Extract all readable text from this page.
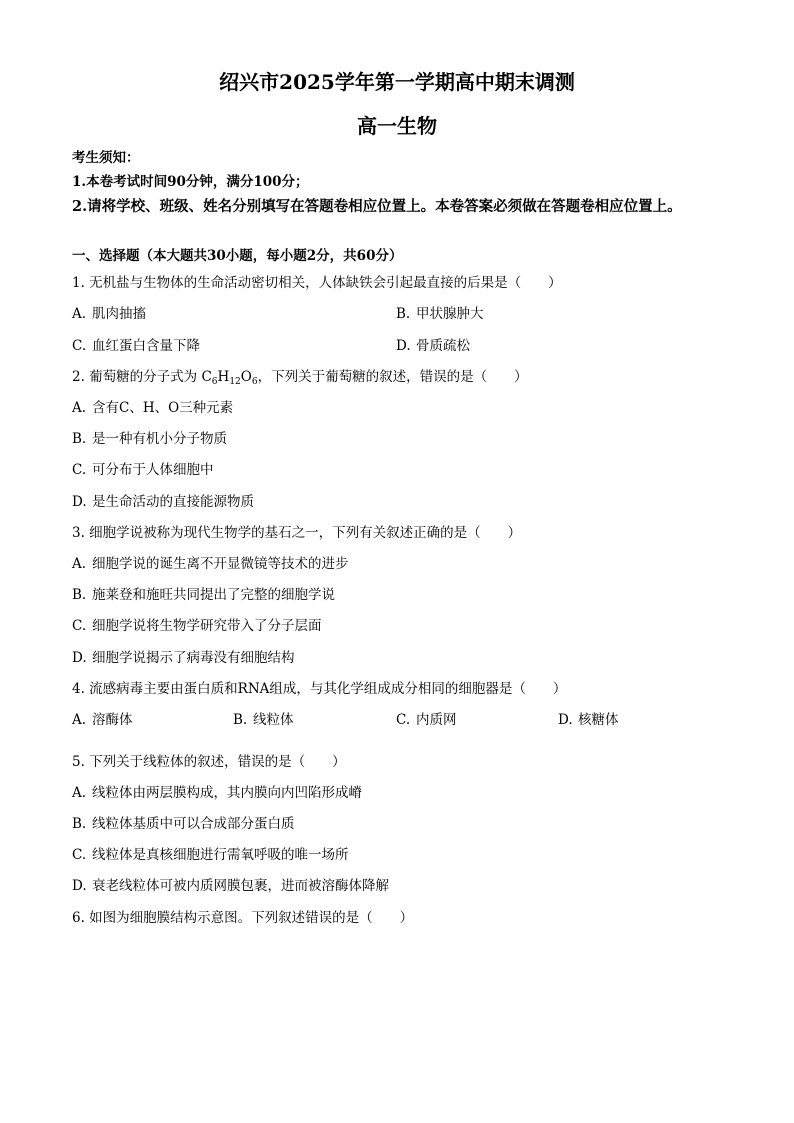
绍兴市2025学年第一学期高中期末调测
高一生物
考生须知：
1.本卷考试时间90分钟，满分100分；
2.请将学校、班级、姓名分别填写在答题卷相应位置上。本卷答案必须做在答题卷相应位置上。
一、选择题（本大题共30小题，每小题2分，共60分）
1. 无机盐与生物体的生命活动密切相关，人体缺铁会引起最直接的后果是（　　）
A. 肌肉抽搐	B. 甲状腺肿大
C. 血红蛋白含量下降	D. 骨质疏松
2. 葡萄糖的分子式为 $C_6H_{12}O_6$，下列关于葡萄糖的叙述，错误的是（　　）
A. 含有C、H、O三种元素
B. 是一种有机小分子物质
C. 可分布于人体细胞中
D. 是生命活动的直接能源物质
3. 细胞学说被称为现代生物学的基石之一，下列有关叙述正确的是（　　）
A. 细胞学说的诞生离不开显微镜等技术的进步
B. 施莱登和施旺共同提出了完整的细胞学说
C. 细胞学说将生物学研究带入了分子层面
D. 细胞学说揭示了病毒没有细胞结构
4. 流感病毒主要由蛋白质和RNA组成，与其化学组成成分相同的细胞器是（　　）
A. 溶酶体	B. 线粒体	C. 内质网	D. 核糖体
5. 下列关于线粒体的叙述，错误的是（　　）
A. 线粒体由两层膜构成，其内膜向内凹陷形成嵴
B. 线粒体基质中可以合成部分蛋白质
C. 线粒体是真核细胞进行需氧呼吸的唯一场所
D. 衰老线粒体可被内质网膜包裹，进而被溶酶体降解
6. 如图为细胞膜结构示意图。下列叙述错误的是（　　）
